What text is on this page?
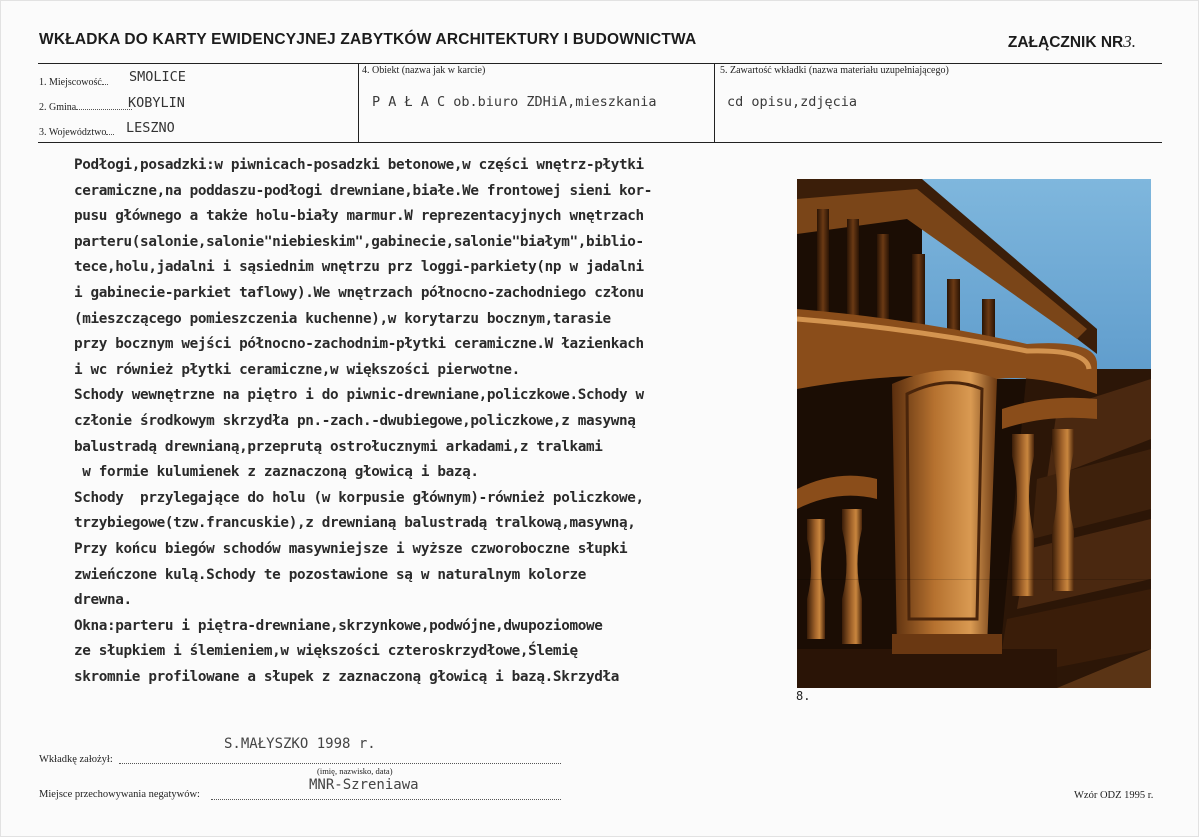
WKŁADKA DO KARTY EWIDENCYJNEJ ZABYTKÓW ARCHITEKTURY I BUDOWNICTWA	ZAŁĄCZNIK NR3.
1. Miejscowość	SMOLICE
2. Gmina	KOBYLIN
3. Województwo	LESZNO
4. Obiekt (nazwa jak w karcie)
P A Ł A C ob.biuro ZDHiA,mieszkania
5. Zawartość wkładki (nazwa materiału uzupełniającego)
cd opisu,zdjęcia
Podłogi,posadzki:w piwnicach-posadzki betonowe,w części wnętrz-płytki
ceramiczne,na poddaszu-podłogi drewniane,białe.We frontowej sieni kor-
pusu głównego a także holu-biały marmur.W reprezentacyjnych wnętrzach
parteru(salonie,salonie"niebieskim",gabinecie,salonie"białym",biblio-
tece,holu,jadalni i sąsiednim wnętrzu prz loggi-parkiety(np w jadalni
i gabinecie-parkiet taflowy).We wnętrzach północno-zachodniego członu
(mieszczącego pomieszczenia kuchenne),w korytarzu bocznym,tarasie
przy bocznym wejści północno-zachodnim-płytki ceramiczne.W łazienkach
i wc również płytki ceramiczne,w większości pierwotne.
Schody wewnętrzne na piętro i do piwnic-drewniane,policzkowe.Schody w
członie środkowym skrzydła pn.-zach.-dwubiegowe,policzkowe,z masywną
balustradą drewnianą,przeprutą ostrołucznymi arkadami,z tralkami
w formie kulumienek z zaznaczoną głowicą i bazą.
Schody  przylegające do holu (w korpusie głównym)-również policzkowe,
trzybiegowe(tzw.francuskie),z drewnianą balustradą tralkową,masywną,
Przy końcu biegów schodów masywniejsze i wyższe czworoboczne słupki
zwieńczone kulą.Schody te pozostawione są w naturalnym kolorze
drewna.
Okna:parteru i piętra-drewniane,skrzynkowe,podwójne,dwupoziomowe
ze słupkiem i ślemieniem,w większości czteroskrzydłowe,Ślemię
skromnie profilowane a słupek z zaznaczoną głowicą i bazą.Skrzydła
8.
S.MAŁYSZKO 1998 r.
Wkładkę założył:
(imię, nazwisko, data)
MNR-Szreniawa
Miejsce przechowywania negatywów:	Wzór ODZ 1995 r.
